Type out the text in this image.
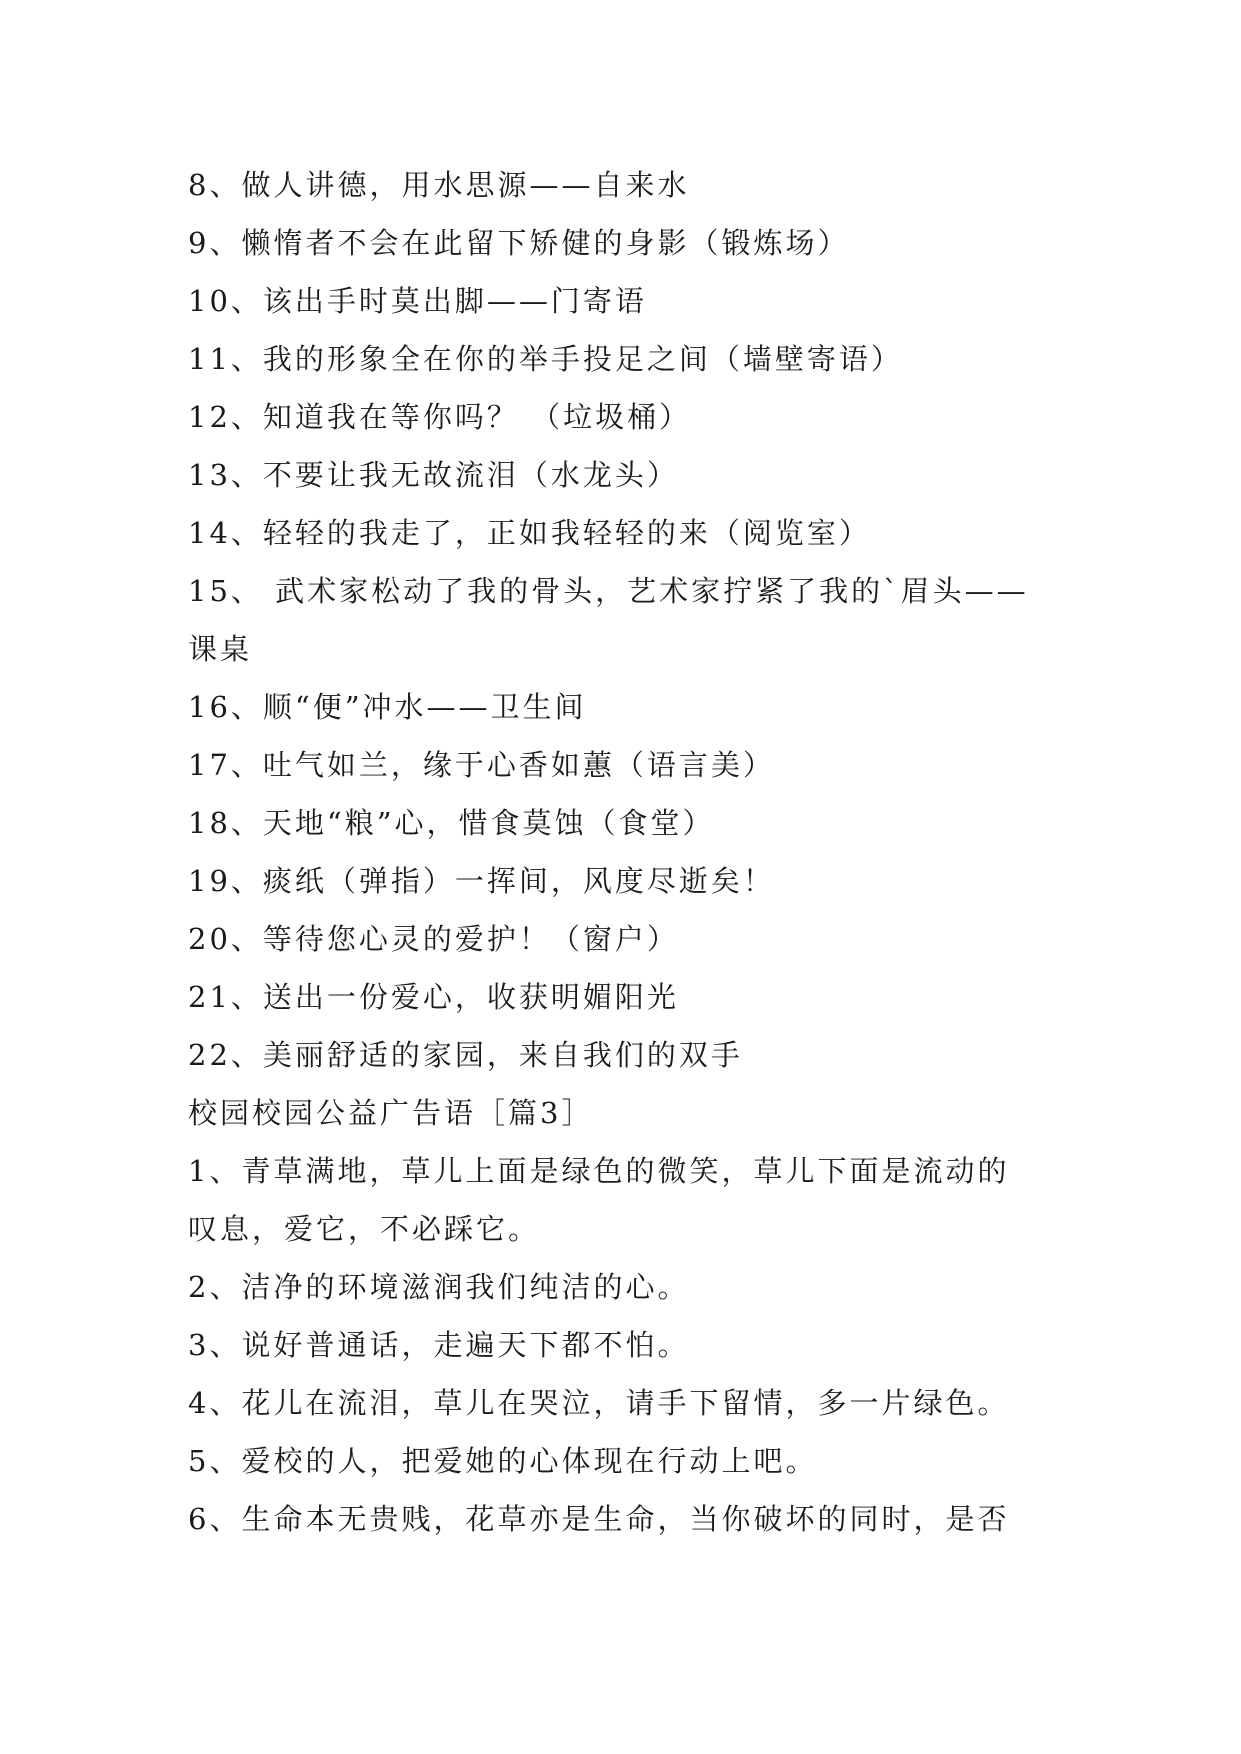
8、做人讲德，用水思源——自来水
9、懒惰者不会在此留下矫健的身影（锻炼场）
10、该出手时莫出脚——门寄语
11、我的形象全在你的举手投足之间（墙壁寄语）
12、知道我在等你吗？ （垃圾桶）
13、不要让我无故流泪（水龙头）
14、轻轻的我走了，正如我轻轻的来（阅览室）
15、 武术家松动了我的骨头，艺术家拧紧了我的`眉头——
课桌
16、顺“便”冲水——卫生间
17、吐气如兰，缘于心香如蕙（语言美）
18、天地“粮”心，惜食莫蚀（食堂）
19、痰纸（弹指）一挥间，风度尽逝矣！
20、等待您心灵的爱护！（窗户）
21、送出一份爱心，收获明媚阳光
22、美丽舒适的家园，来自我们的双手
校园校园公益广告语［篇3］
1、青草满地，草儿上面是绿色的微笑，草儿下面是流动的
叹息，爱它，不必踩它。
2、洁净的环境滋润我们纯洁的心。
3、说好普通话，走遍天下都不怕。
4、花儿在流泪，草儿在哭泣，请手下留情，多一片绿色。
5、爱校的人，把爱她的心体现在行动上吧。
6、生命本无贵贱，花草亦是生命，当你破坏的同时，是否
